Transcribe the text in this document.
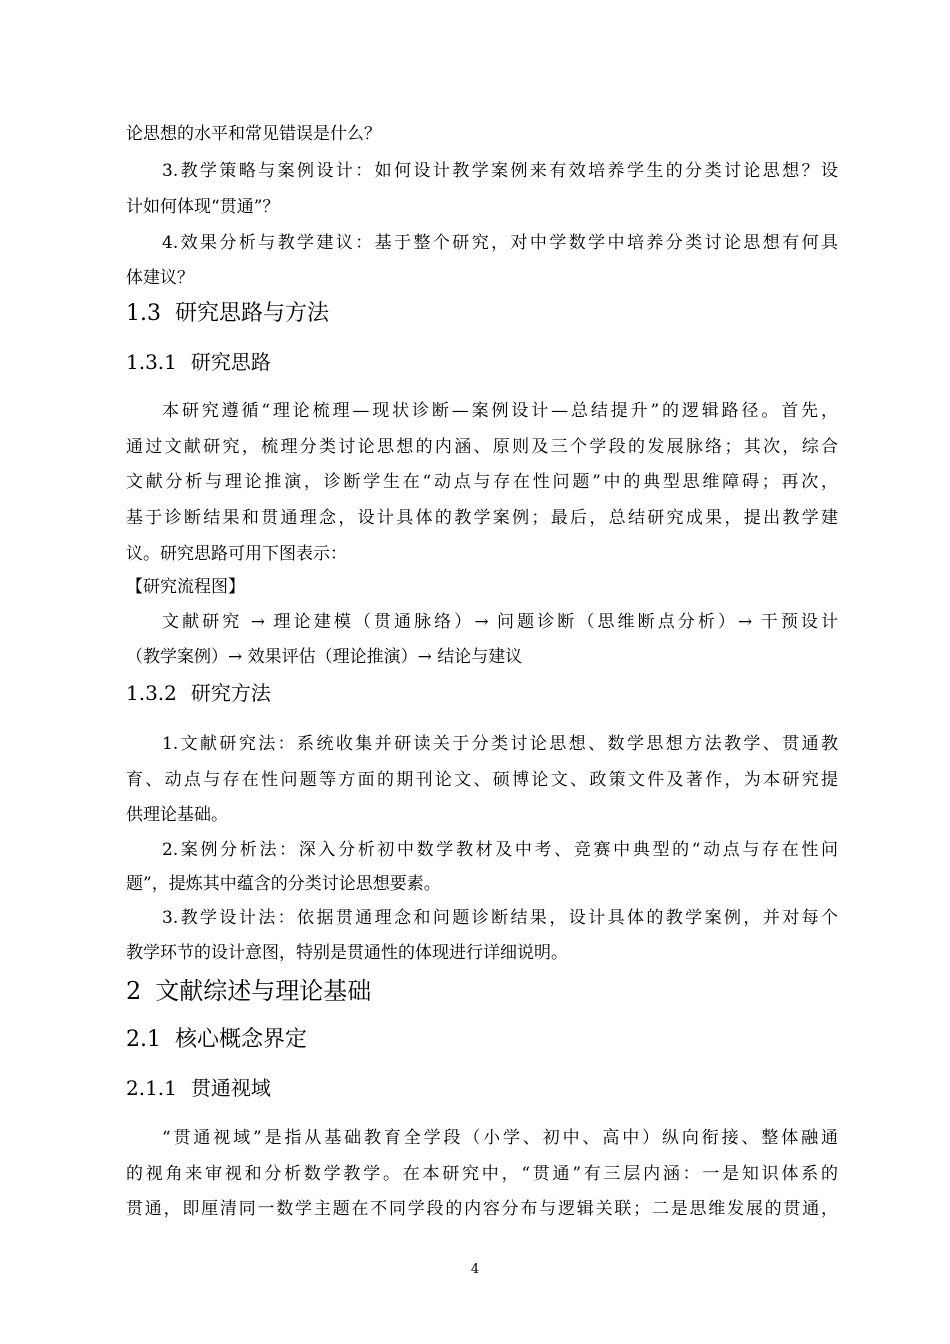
论思想的水平和常见错误是什么？
3.教学策略与案例设计：如何设计教学案例来有效培养学生的分类讨论思想？设
计如何体现“贯通”？
4.效果分析与教学建议：基于整个研究，对中学数学中培养分类讨论思想有何具
体建议？
1.3 研究思路与方法
1.3.1 研究思路
本研究遵循“理论梳理—现状诊断—案例设计—总结提升”的逻辑路径。首先，
通过文献研究，梳理分类讨论思想的内涵、原则及三个学段的发展脉络；其次，综合
文献分析与理论推演，诊断学生在“动点与存在性问题”中的典型思维障碍；再次，
基于诊断结果和贯通理念，设计具体的教学案例；最后，总结研究成果，提出教学建
议。研究思路可用下图表示：
【研究流程图】
文献研究 → 理论建模（贯通脉络）→ 问题诊断（思维断点分析）→ 干预设计
（教学案例）→ 效果评估（理论推演）→ 结论与建议
1.3.2 研究方法
1.文献研究法：系统收集并研读关于分类讨论思想、数学思想方法教学、贯通教
育、动点与存在性问题等方面的期刊论文、硕博论文、政策文件及著作，为本研究提
供理论基础。
2.案例分析法：深入分析初中数学教材及中考、竞赛中典型的“动点与存在性问
题”，提炼其中蕴含的分类讨论思想要素。
3.教学设计法：依据贯通理念和问题诊断结果，设计具体的教学案例，并对每个
教学环节的设计意图，特别是贯通性的体现进行详细说明。
2 文献综述与理论基础
2.1 核心概念界定
2.1.1 贯通视域
“贯通视域”是指从基础教育全学段（小学、初中、高中）纵向衔接、整体融通
的视角来审视和分析数学教学。在本研究中，“贯通”有三层内涵：一是知识体系的
贯通，即厘清同一数学主题在不同学段的内容分布与逻辑关联；二是思维发展的贯通，
4
